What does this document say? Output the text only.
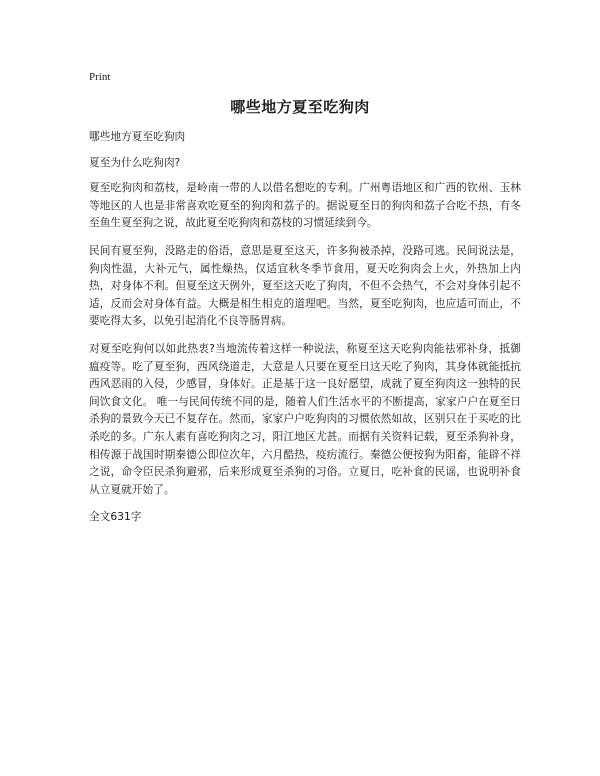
Print
哪些地方夏至吃狗肉

哪些地方夏至吃狗肉

夏至为什么吃狗肉?

夏至吃狗肉和荔枝，是岭南一带的人以借名想吃的专利。广州粤语地区和广西的钦州、玉林等地区的人也是非常喜欢吃夏至的狗肉和荔子的。据说夏至日的狗肉和荔子合吃不热，有冬至鱼生夏至狗之说，故此夏至吃狗肉和荔枝的习惯延续到今。

民间有夏至狗，没路走的俗语，意思是夏至这天，许多狗被杀掉，没路可逃。民间说法是，狗肉性温，大补元气，属性燥热，仅适宜秋冬季节食用，夏天吃狗肉会上火，外热加上内热，对身体不利。但夏至这天例外，夏至这天吃了狗肉，不但不会热气，不会对身体引起不适，反而会对身体有益。大概是相生相克的道理吧。当然，夏至吃狗肉，也应适可而止，不要吃得太多，以免引起消化不良等肠胃病。

对夏至吃狗何以如此热衷?当地流传着这样一种说法，称夏至这天吃狗肉能祛邪补身，抵御瘟疫等。吃了夏至狗，西风绕道走，大意是人只要在夏至日这天吃了狗肉，其身体就能抵抗西风恶雨的入侵，少感冒，身体好。正是基于这一良好愿望，成就了夏至狗肉这一独特的民间饮食文化。 唯一与民间传统不同的是，随着人们生活水平的不断提高，家家户户在夏至日杀狗的景致今天已不复存在。然而，家家户户吃狗肉的习惯依然如故，区别只在于买吃的比杀吃的多。广东人素有喜吃狗肉之习，阳江地区尤甚。而据有关资料记载，夏至杀狗补身，相传源于战国时期秦德公即位次年，六月酷热，疫疠流行。秦德公便按狗为阳畜，能辟不祥之说，命令臣民杀狗避邪，后来形成夏至杀狗的习俗。立夏日，吃补食的民谣，也说明补食从立夏就开始了。

全文631字
